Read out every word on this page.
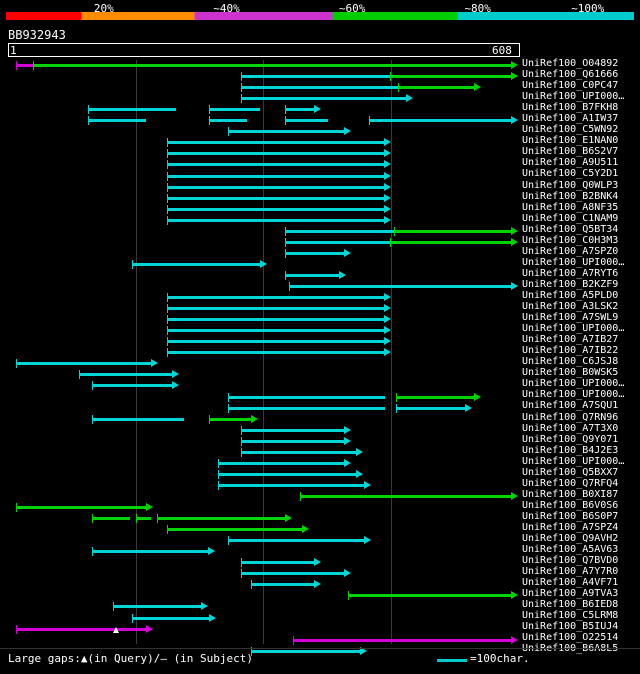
20%	~40%	~60%	~80%	~100%
BB932943
1	608
UniRef100_O04892
UniRef100_Q61666
UniRef100_C0PC47
UniRef100_UPI000…
UniRef100_B7FKH8
UniRef100_A1IW37
UniRef100_C5WN92
UniRef100_E1NAN0
UniRef100_B6S2V7
UniRef100_A9U511
UniRef100_C5Y2D1
UniRef100_Q0WLP3
UniRef100_B2BNK4
UniRef100_A8NF35
UniRef100_C1NAM9
UniRef100_Q5BT34
UniRef100_C0H3M3
UniRef100_A7SPZ0
UniRef100_UPI000…
UniRef100_A7RYT6
UniRef100_B2KZF9
UniRef100_A5PLD0
UniRef100_A3LSK2
UniRef100_A7SWL9
UniRef100_UPI000…
UniRef100_A7IB27
UniRef100_A7IB22
UniRef100_C6JSJ8
UniRef100_B0WSK5
UniRef100_UPI000…
UniRef100_UPI000…
UniRef100_A7SQU1
UniRef100_Q7RN96
UniRef100_A7T3X0
UniRef100_Q9Y071
UniRef100_B4J2E3
UniRef100_UPI000…
UniRef100_Q5BXX7
UniRef100_Q7RFQ4
UniRef100_B0XI87
UniRef100_B6V0S6
UniRef100_B6S0P7
UniRef100_A7SPZ4
UniRef100_Q9AVH2
UniRef100_A5AV63
UniRef100_Q7BVD0
UniRef100_A7Y7R0
UniRef100_A4VF71
UniRef100_A9TVA3
UniRef100_B6IED8
UniRef100_C5LRM8
UniRef100_B5IUJ4
UniRef100_O22514
Large gaps:▲(in Query)/– (in Subject)	=100char.
